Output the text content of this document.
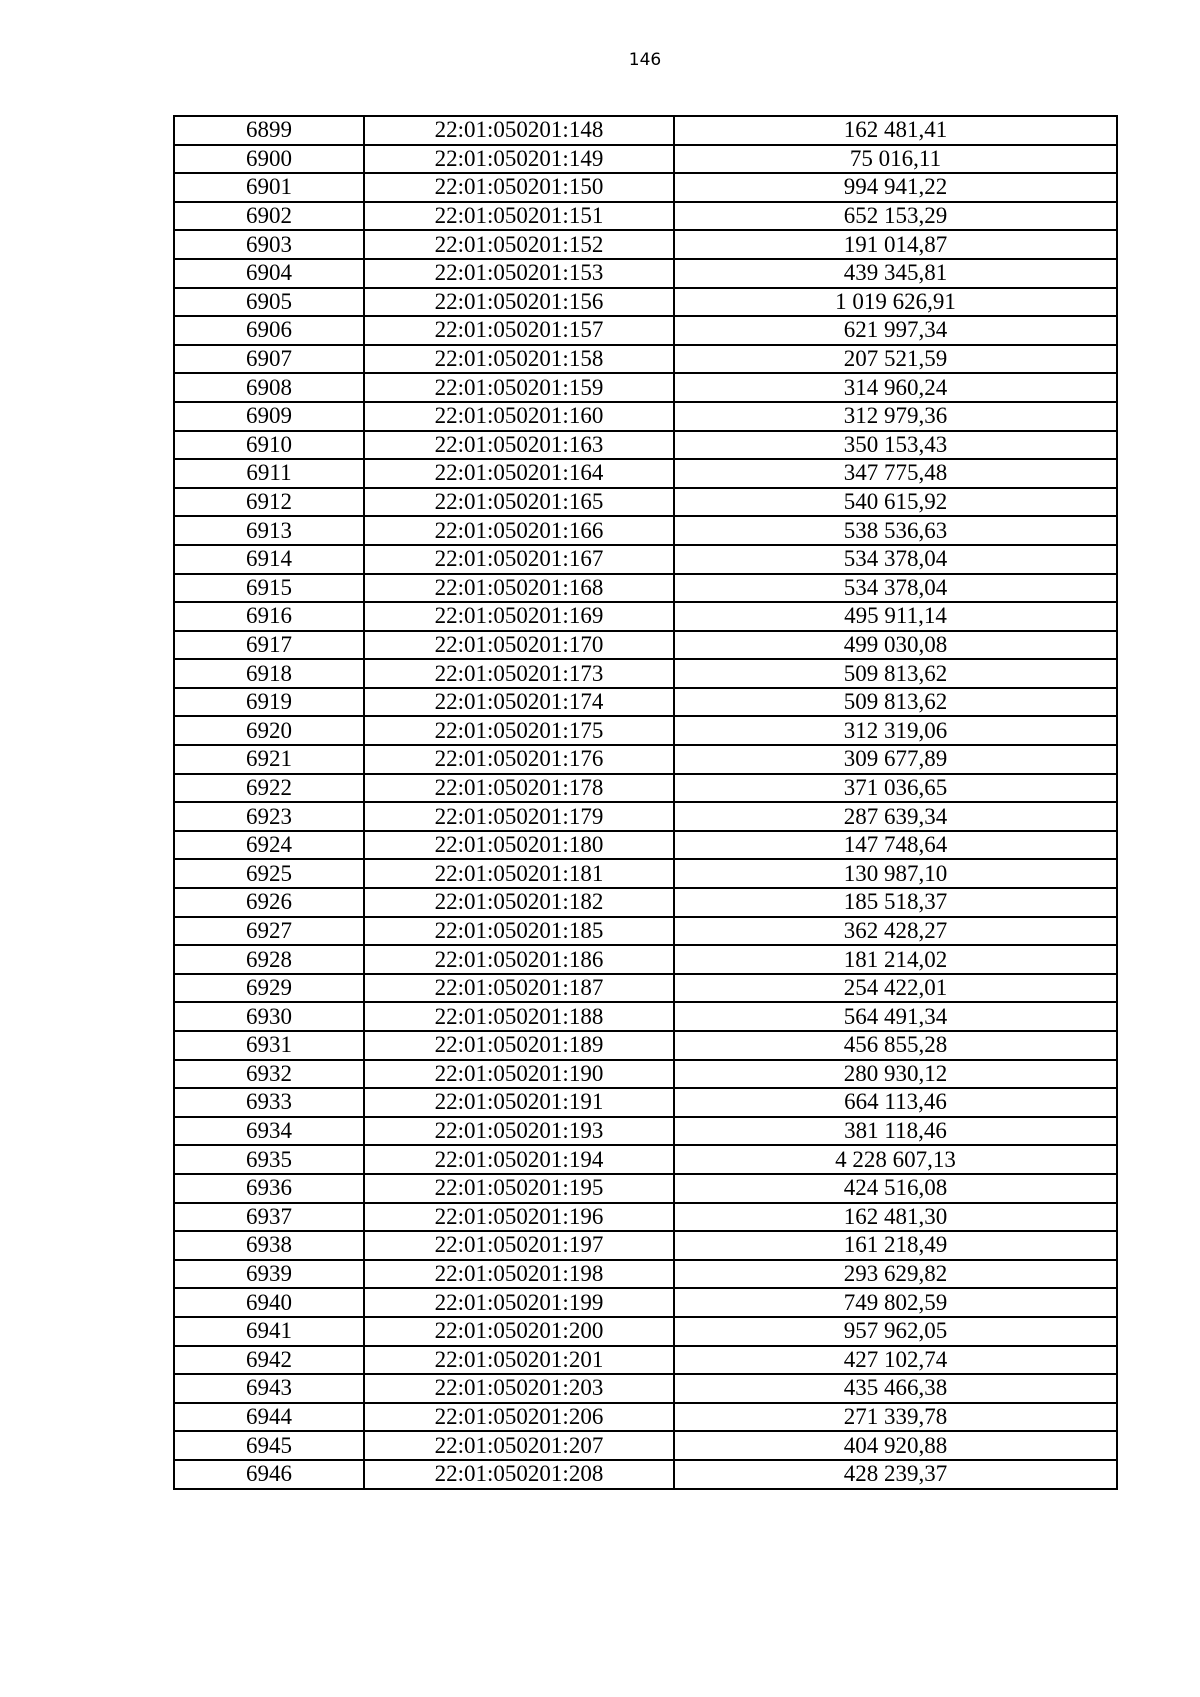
146
6899	22:01:050201:148	162 481,41
6900	22:01:050201:149	75 016,11
6901	22:01:050201:150	994 941,22
6902	22:01:050201:151	652 153,29
6903	22:01:050201:152	191 014,87
6904	22:01:050201:153	439 345,81
6905	22:01:050201:156	1 019 626,91
6906	22:01:050201:157	621 997,34
6907	22:01:050201:158	207 521,59
6908	22:01:050201:159	314 960,24
6909	22:01:050201:160	312 979,36
6910	22:01:050201:163	350 153,43
6911	22:01:050201:164	347 775,48
6912	22:01:050201:165	540 615,92
6913	22:01:050201:166	538 536,63
6914	22:01:050201:167	534 378,04
6915	22:01:050201:168	534 378,04
6916	22:01:050201:169	495 911,14
6917	22:01:050201:170	499 030,08
6918	22:01:050201:173	509 813,62
6919	22:01:050201:174	509 813,62
6920	22:01:050201:175	312 319,06
6921	22:01:050201:176	309 677,89
6922	22:01:050201:178	371 036,65
6923	22:01:050201:179	287 639,34
6924	22:01:050201:180	147 748,64
6925	22:01:050201:181	130 987,10
6926	22:01:050201:182	185 518,37
6927	22:01:050201:185	362 428,27
6928	22:01:050201:186	181 214,02
6929	22:01:050201:187	254 422,01
6930	22:01:050201:188	564 491,34
6931	22:01:050201:189	456 855,28
6932	22:01:050201:190	280 930,12
6933	22:01:050201:191	664 113,46
6934	22:01:050201:193	381 118,46
6935	22:01:050201:194	4 228 607,13
6936	22:01:050201:195	424 516,08
6937	22:01:050201:196	162 481,30
6938	22:01:050201:197	161 218,49
6939	22:01:050201:198	293 629,82
6940	22:01:050201:199	749 802,59
6941	22:01:050201:200	957 962,05
6942	22:01:050201:201	427 102,74
6943	22:01:050201:203	435 466,38
6944	22:01:050201:206	271 339,78
6945	22:01:050201:207	404 920,88
6946	22:01:050201:208	428 239,37
